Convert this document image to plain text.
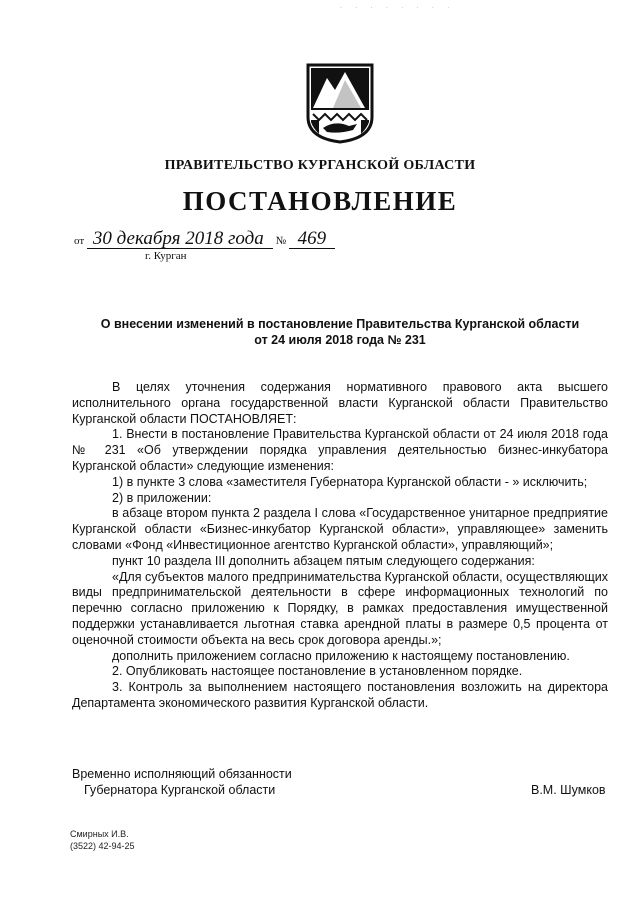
. . . . . . . .
ПРАВИТЕЛЬСТВО КУРГАНСКОЙ ОБЛАСТИ
ПОСТАНОВЛЕНИЕ
от 30 декабря 2018 года № 469
г. Курган
О внесении изменений в постановление Правительства Курганской области
от 24 июля 2018 года № 231

В целях уточнения содержания нормативного правового акта высшего исполнительного органа государственной власти Курганской области Правительство Курганской области ПОСТАНОВЛЯЕТ:

1. Внести в постановление Правительства Курганской области от 24 июля 2018 года № 231 «Об утверждении порядка управления деятельностью бизнес-инкубатора Курганской области» следующие изменения:

1) в пункте 3 слова «заместителя Губернатора Курганской области - » исключить;

2) в приложении:

в абзаце втором пункта 2 раздела I слова «Государственное унитарное предприятие Курганской области «Бизнес-инкубатор Курганской области», управляющее» заменить словами «Фонд «Инвестиционное агентство Курганской области», управляющий»;

пункт 10 раздела III дополнить абзацем пятым следующего содержания:

«Для субъектов малого предпринимательства Курганской области, осуществляющих виды предпринимательской деятельности в сфере информационных технологий по перечню согласно приложению к Порядку, в рамках предоставления имущественной поддержки устанавливается льготная ставка арендной платы в размере 0,5 процента от оценочной стоимости объекта на весь срок договора аренды.»;

дополнить приложением согласно приложению к настоящему постановлению.

2. Опубликовать настоящее постановление в установленном порядке.

3. Контроль за выполнением настоящего постановления возложить на директора Департамента экономического развития Курганской области.

Временно исполняющий обязанности
Губернатора Курганской области	В.М. Шумков
Смирных И.В.
(3522) 42-94-25
